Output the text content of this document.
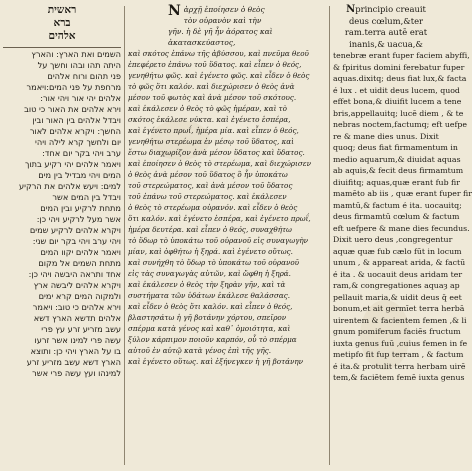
ראשית
ברא
אלהים
השמים ואת הארץ: והארץ
היתה תהו ובהו וחשך על
פני תהום ורוח אלהים
מרחפת על פני המים:ויאמר
אלהים יהי אור ויהי אור:
וירא אלהים את האור כי טוב
ויבדל אלהים בין האור ובין
החשך: ויקרא אלהים לאור
יום ולחשך קרא לילה ויהי
ערב ויהי בקר יום אחד:
ויאמר אלהים יהי רקיע בתוך
המים ויהי מבדיל בין מים
למים: ויעש אלהים את הרקיע
ויבדל בין המים אשר
מתחת לרקיע ובין המים
אשר מעל לרקיע ויהי כן:
ויקרא אלהים לרקיע שמים
ויהי ערב ויהי בקר יום שני:
ויאמר אלהים יקוו המים
מתחת השמים אל מקום
אחד ותראה היבשה ויהי כן:
ויקרא אלהים ליבשה ארץ
ולמקוה המים קרא ימים
וירא אלהים כי טוב: ויאמר
אלהים תדשא הארץ דשא
עשב מזריע זרע עץ פרי
עשה פרי למינו אשר זרעו
בו על הארץ ויהי כן: ותוצא
הארץ דשא עשב מזריע זרע
למינהו ועץ עשה פרי אשר
N ἀρχῇ ἐποίησεν ὁ θεὸς
τὸν οὐρανὸν καὶ τὴν
γῆν. ἡ δὲ γῆ ἦν ἀόρατος καὶ
ἀκατασκεύαστος,
καὶ σκότος ἐπάνω τῆς ἀβύσσου, καὶ πνεῦμα θεοῦ
ἐπεφέρετο ἐπάνω τοῦ ὕδατος. καὶ εἶπεν ὁ θεός,
γενηθήτω φῶς. καὶ ἐγένετο φῶς. καὶ εἶδεν ὁ θεὸς
τὸ φῶς ὅτι καλόν. καὶ διεχώρισεν ὁ θεὸς ἀνὰ
μέσον τοῦ φωτὸς καὶ ἀνὰ μέσον τοῦ σκότους.
καὶ ἐκάλεσεν ὁ θεὸς τὸ φῶς ἡμέραν, καὶ τὸ
σκότος ἐκάλεσε νύκτα. καὶ ἐγένετο ἑσπέρα,
καὶ ἐγένετο πρωΐ, ἡμέρα μία. καὶ εἶπεν ὁ θεός,
γενηθήτω στερέωμα ἐν μέσῳ τοῦ ὕδατος, καὶ
ἔστω διαχωρίζον ἀνὰ μέσον ὕδατος καὶ ὕδατος.
καὶ ἐποίησεν ὁ θεὸς τὸ στερέωμα, καὶ διεχώρισεν
ὁ θεὸς ἀνὰ μέσον τοῦ ὕδατος ὃ ἦν ὑποκάτω
τοῦ στερεώματος, καὶ ἀνὰ μέσον τοῦ ὕδατος
τοῦ ἐπάνω τοῦ στερεώματος. καὶ ἐκάλεσεν
ὁ θεὸς τὸ στερέωμα οὐρανόν. καὶ εἶδεν ὁ θεὸς
ὅτι καλόν. καὶ ἐγένετο ἑσπέρα, καὶ ἐγένετο πρωΐ,
ἡμέρα δευτέρα. καὶ εἶπεν ὁ θεός, συναχθήτω
τὸ ὕδωρ τὸ ὑποκάτω τοῦ οὐρανοῦ εἰς συναγωγὴν
μίαν, καὶ ὀφθήτω ἡ ξηρά. καὶ ἐγένετο οὕτως.
καὶ συνήχθη τὸ ὕδωρ τὸ ὑποκάτω τοῦ οὐρανοῦ
εἰς τὰς συναγωγὰς αὐτῶν, καὶ ὤφθη ἡ ξηρά.
καὶ ἐκάλεσεν ὁ θεὸς τὴν ξηρὰν γῆν, καὶ τὰ
συστήματα τῶν ὑδάτων ἐκάλεσε θαλάσσας.
καὶ εἶδεν ὁ θεὸς ὅτι καλόν. καὶ εἶπεν ὁ θεός,
βλαστησάτω ἡ γῆ βοτάνην χόρτου, σπεῖρον
σπέρμα κατὰ γένος καὶ καθ᾽ ὁμοιότητα, καὶ
ξύλον κάρπιμον ποιοῦν καρπόν, οὗ τὸ σπέρμα
αὐτοῦ ἐν αὐτῷ κατὰ γένος ἐπὶ τῆς γῆς.
καὶ ἐγένετο οὕτως. καὶ ἐξήνεγκεν ἡ γῆ βοτάνην
Nprincipio creauit
deus cœlum,&ter
ram.terra autē erat
inanis,& uacua,&
tenebræ erant fuper faciem abyffi,
& fpiritus domini ferebatur fuper
aquas.dixitq; deus fiat lux,& facta
é lux . et uidit deus lucem, quod
effet bona,& diuifit lucem a tene
bris,appellauitq; lucē diem , & te
nebras noctem,factumq; eft uefpe
re & mane dies unus. Dixit
quoq; deus fiat firmamentum in
medio aquarum,& diuidat aquas
ab aquis,& fecit deus firmamtum
diuifitq; aquas,quæ erant fub fir
mamēto ab iis , quæ erant fuper fir
mamtū,& factum é ita. uocauitq;
deus firmamtū cœlum & factum
eft uefpere & mane dies fecundus.
Dixit uero deus ,congregentur
aquæ quæ fub cælo fūt in locum
unum , & appareat arida, & factū
é ita . & uocauit deus aridam ter
ram,& congregationes aquaȝ ap
pellauit maria,& uidit deus q̄ eet
bonum,et ait germīet terra herbā
uirentem & facientem femen ,& li
gnum pomiferum faciēs fructum
iuxta genus fuū ,cuius femen in fe
metipfo fit fup terram , & factum
é ita.& protulit terra herbam uirē
tem,& faciētem femē iuxta genus
